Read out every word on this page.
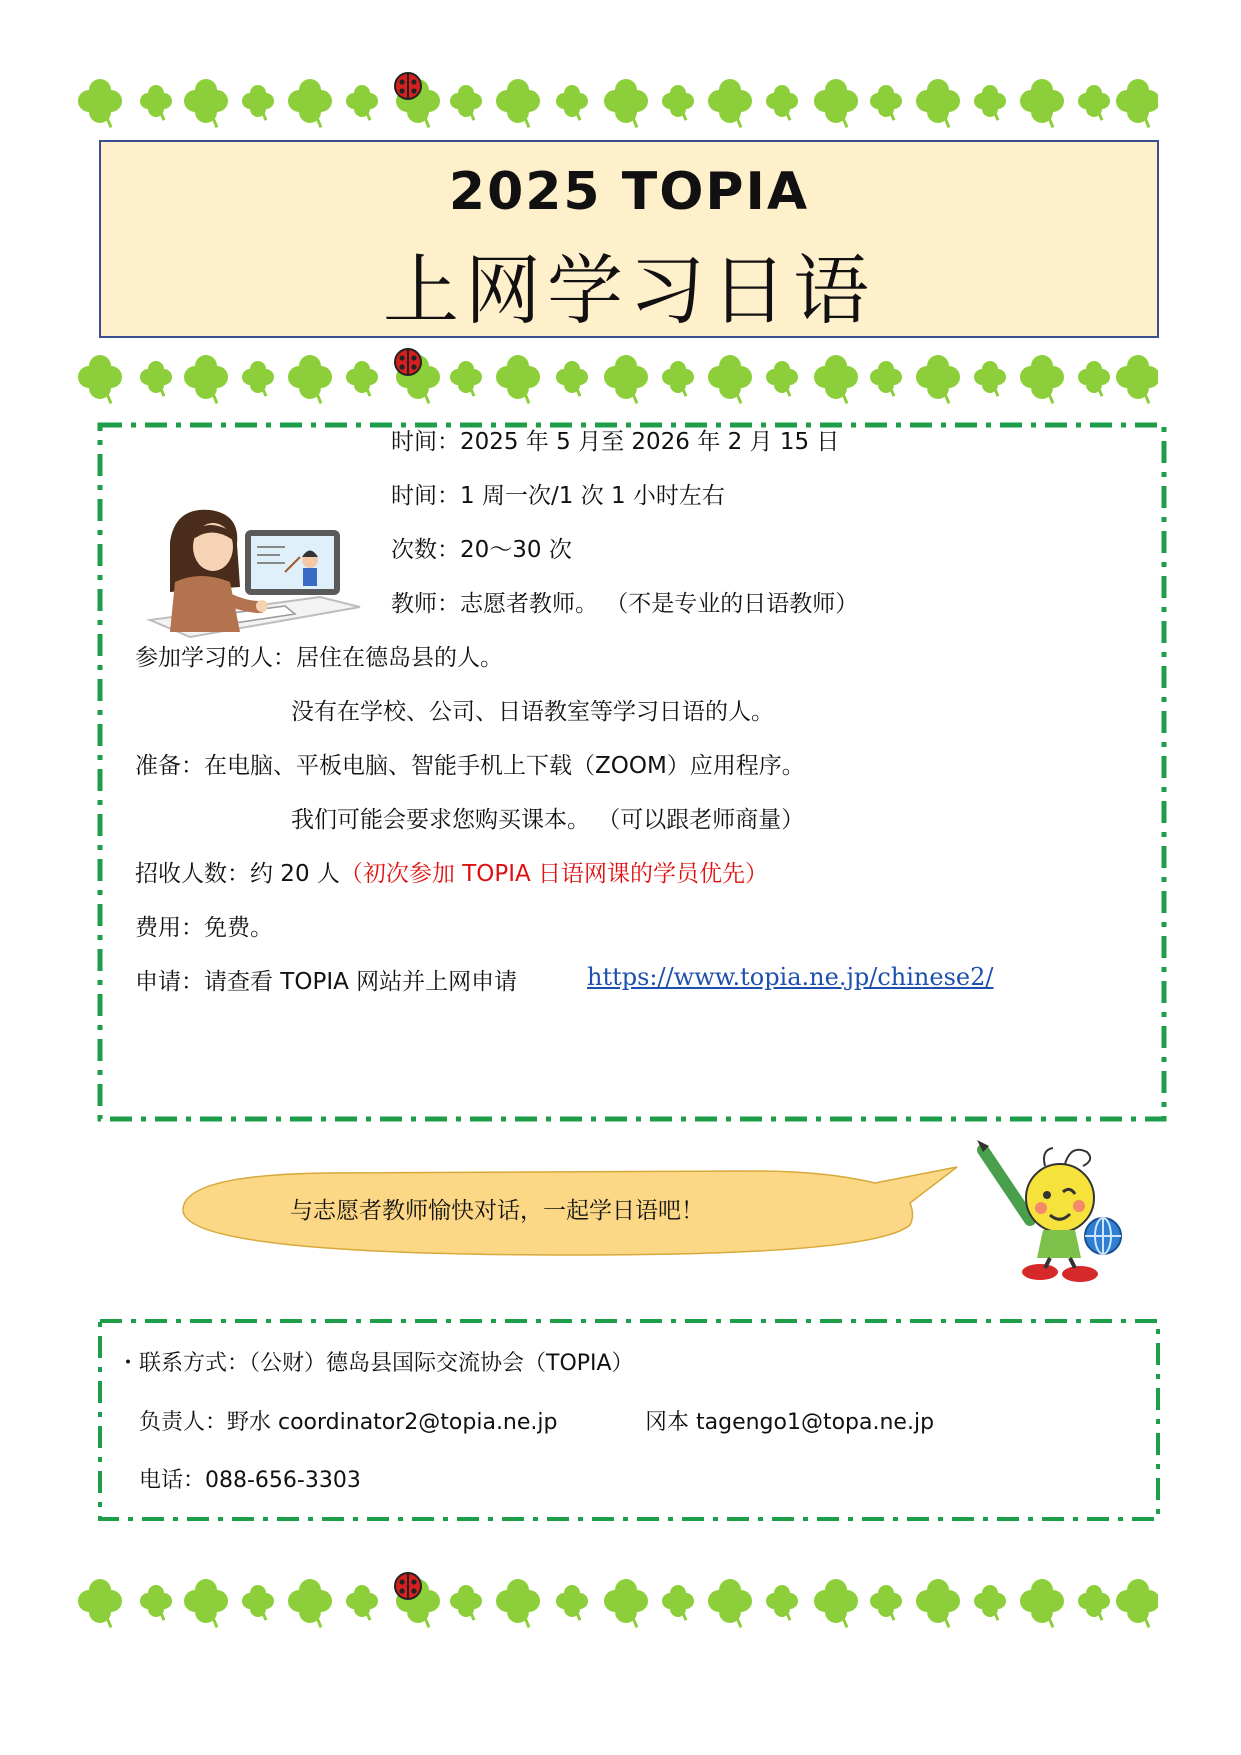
2025 TOPIA
上网学习日语
时间：2025 年 5 月至 2026 年 2 月 15 日
时间：1 周一次/1 次 1 小时左右
次数：20～30 次
教师：志愿者教师。 （不是专业的日语教师）
参加学习的人：居住在德岛县的人。
没有在学校、公司、日语教室等学习日语的人。
准备：在电脑、平板电脑、智能手机上下载（ZOOM）应用程序。
我们可能会要求您购买课本。 （可以跟老师商量）
招收人数：约 20 人（初次参加 TOPIA 日语网课的学员优先）
费用：免费。
申请：请查看 TOPIA 网站并上网申请	https://www.topia.ne.jp/chinese2/
与志愿者教师愉快对话，一起学日语吧！
・联系方式：（公财）德岛县国际交流协会（TOPIA）
负责人：野水 coordinator2@topia.ne.jp	冈本 tagengo1@topa.ne.jp
电话：088-656-3303
